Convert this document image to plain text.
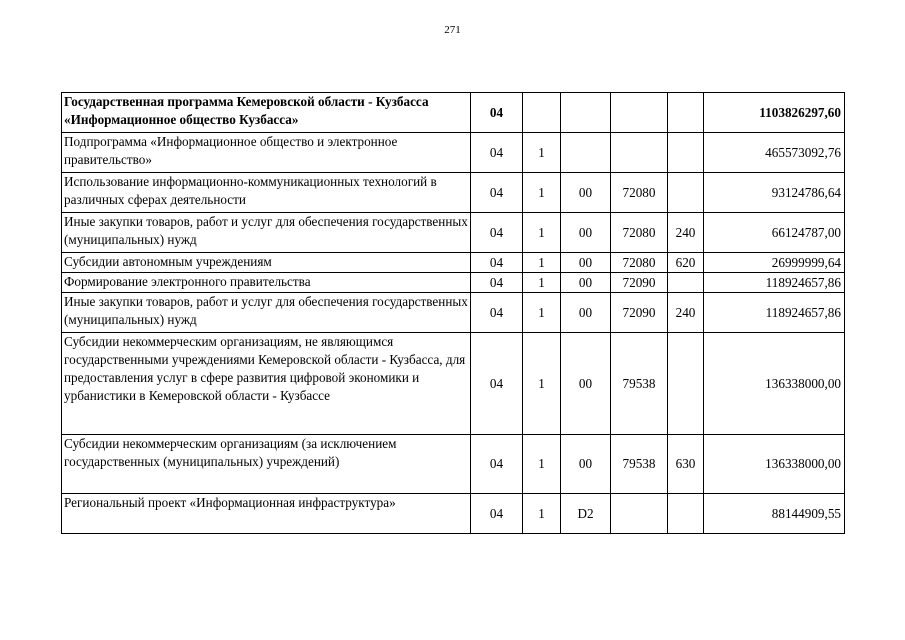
271
Государственная программа Кемеровской области - Кузбасса «Информационное общество Кузбасса»	04					1103826297,60
Подпрограмма «Информационное общество и электронное правительство»	04	1				465573092,76
Использование информационно-коммуникационных технологий в различных сферах деятельности	04	1	00	72080		93124786,64
Иные закупки товаров, работ и услуг для обеспечения государственных (муниципальных) нужд	04	1	00	72080	240	66124787,00
Субсидии автономным учреждениям	04	1	00	72080	620	26999999,64
Формирование электронного правительства	04	1	00	72090		118924657,86
Иные закупки товаров, работ и услуг для обеспечения государственных (муниципальных) нужд	04	1	00	72090	240	118924657,86
Субсидии некоммерческим организациям, не являющимся государственными учреждениями Кемеровской области - Кузбасса, для предоставления услуг в сфере развития цифровой экономики и урбанистики в Кемеровской области - Кузбассе	04	1	00	79538		136338000,00
Субсидии некоммерческим организациям (за исключением государственных (муниципальных) учреждений)	04	1	00	79538	630	136338000,00
Региональный проект «Информационная инфраструктура»	04	1	D2			88144909,55
